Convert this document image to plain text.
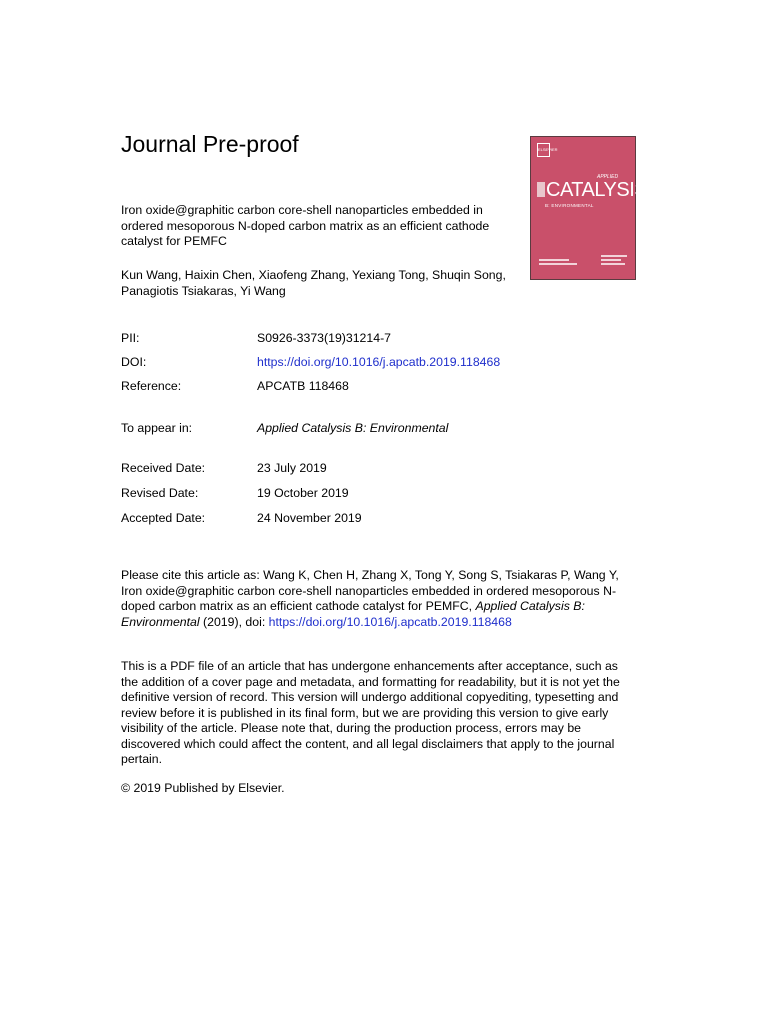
Journal Pre-proof
Iron oxide@graphitic carbon core-shell nanoparticles embedded in ordered mesoporous N-doped carbon matrix as an efficient cathode catalyst for PEMFC
Kun Wang, Haixin Chen, Xiaofeng Zhang, Yexiang Tong, Shuqin Song, Panagiotis Tsiakaras, Yi Wang
ELSEVIER
APPLIED
CATALYSIS
B: ENVIRONMENTAL
PII:	S0926-3373(19)31214-7
DOI:	https://doi.org/10.1016/j.apcatb.2019.118468
Reference:	APCATB 118468
To appear in:	Applied Catalysis B: Environmental
Received Date:	23 July 2019
Revised Date:	19 October 2019
Accepted Date:	24 November 2019
Please cite this article as: Wang K, Chen H, Zhang X, Tong Y, Song S, Tsiakaras P, Wang Y, Iron oxide@graphitic carbon core-shell nanoparticles embedded in ordered mesoporous N-doped carbon matrix as an efficient cathode catalyst for PEMFC, Applied Catalysis B: Environmental (2019), doi: https://doi.org/10.1016/j.apcatb.2019.118468
This is a PDF file of an article that has undergone enhancements after acceptance, such as the addition of a cover page and metadata, and formatting for readability, but it is not yet the definitive version of record. This version will undergo additional copyediting, typesetting and review before it is published in its final form, but we are providing this version to give early visibility of the article. Please note that, during the production process, errors may be discovered which could affect the content, and all legal disclaimers that apply to the journal pertain.
© 2019 Published by Elsevier.
